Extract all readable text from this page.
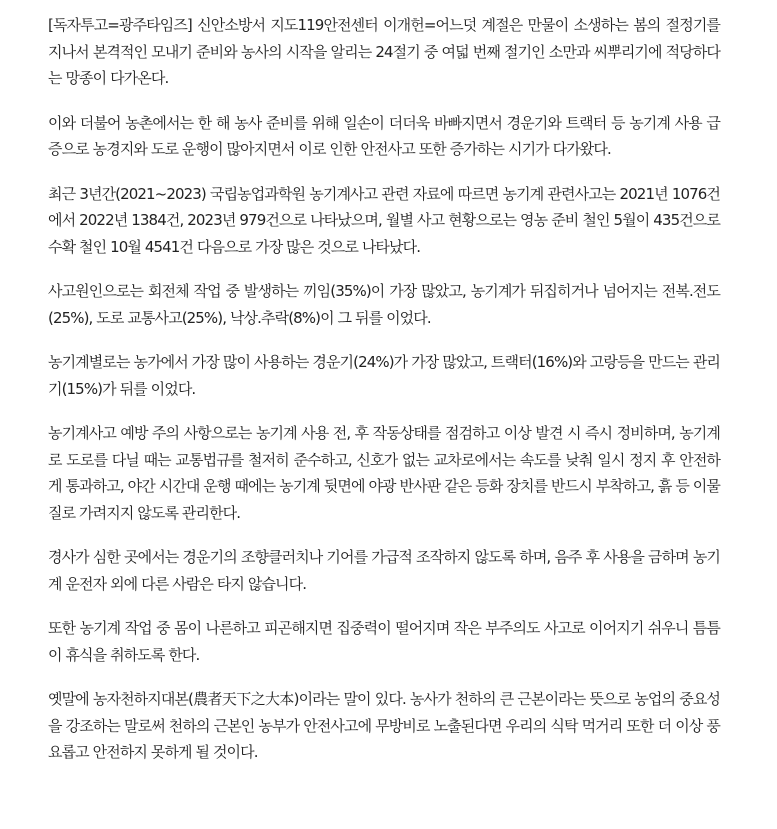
[독자투고=광주타임즈] 신안소방서 지도119안전센터 이개헌=어느덧 계절은 만물이 소생하는 봄의 절정기를 지나서 본격적인 모내기 준비와 농사의 시작을 알리는 24절기 중 여덟 번째 절기인 소만과 씨뿌리기에 적당하다는 망종이 다가온다.

이와 더불어 농촌에서는 한 해 농사 준비를 위해 일손이 더더욱 바빠지면서 경운기와 트랙터 등 농기계 사용 급증으로 농경지와 도로 운행이 많아지면서 이로 인한 안전사고 또한 증가하는 시기가 다가왔다.

최근 3년간(2021~2023) 국립농업과학원 농기계사고 관련 자료에 따르면 농기계 관련사고는 2021년 1076건에서 2022년 1384건, 2023년 979건으로 나타났으며, 월별 사고 현황으로는 영농 준비 철인 5월이 435건으로 수확 철인 10월 4541건 다음으로 가장 많은 것으로 나타났다.

사고원인으로는 회전체 작업 중 발생하는 끼임(35%)이 가장 많았고, 농기계가 뒤집히거나 넘어지는 전복.전도(25%), 도로 교통사고(25%), 낙상.추락(8%)이 그 뒤를 이었다.

농기계별로는 농가에서 가장 많이 사용하는 경운기(24%)가 가장 많았고, 트랙터(16%)와 고랑등을 만드는 관리기(15%)가 뒤를 이었다.

농기계사고 예방 주의 사항으로는 농기계 사용 전, 후 작동상태를 점검하고 이상 발견 시 즉시 정비하며, 농기계로 도로를 다닐 때는 교통법규를 철저히 준수하고, 신호가 없는 교차로에서는 속도를 낮춰 일시 정지 후 안전하게 통과하고, 야간 시간대 운행 때에는 농기계 뒷면에 야광 반사판 같은 등화 장치를 반드시 부착하고, 흙 등 이물질로 가려지지 않도록 관리한다.

경사가 심한 곳에서는 경운기의 조향클러치나 기어를 가급적 조작하지 않도록 하며, 음주 후 사용을 금하며 농기계 운전자 외에 다른 사람은 타지 않습니다.

또한 농기계 작업 중 몸이 나른하고 피곤해지면 집중력이 떨어지며 작은 부주의도 사고로 이어지기 쉬우니 틈틈이 휴식을 취하도록 한다.

옛말에 농자천하지대본(農者天下之大本)이라는 말이 있다. 농사가 천하의 큰 근본이라는 뜻으로 농업의 중요성을 강조하는 말로써 천하의 근본인 농부가 안전사고에 무방비로 노출된다면 우리의 식탁 먹거리 또한 더 이상 풍요롭고 안전하지 못하게 될 것이다.
